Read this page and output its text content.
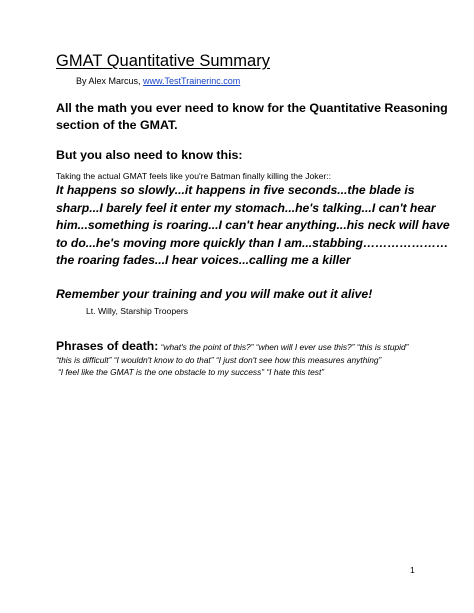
GMAT Quantitative Summary
By Alex Marcus, www.TestTrainerinc.com
All the math you ever need to know for the Quantitative Reasoning
section of the GMAT.
But you also need to know this:
Taking the actual GMAT feels like you're Batman finally killing the Joker::
It happens so slowly...it happens in five seconds...the blade is
sharp...I barely feel it enter my stomach...he's talking...I can't hear
him...something is roaring...I can't hear anything...his neck will have
to do...he's moving more quickly than I am...stabbing…………………
the roaring fades...I hear voices...calling me a killer
Remember your training and you will make out it alive!
Lt. Willy, Starship Troopers
Phrases of death: “what's the point of this?” “when will I ever use this?” “this is stupid”
“this is difficult” “I wouldn't know to do that” “I just don't see how this measures anything”
“I feel like the GMAT is the one obstacle to my success” “I hate this test”
1
